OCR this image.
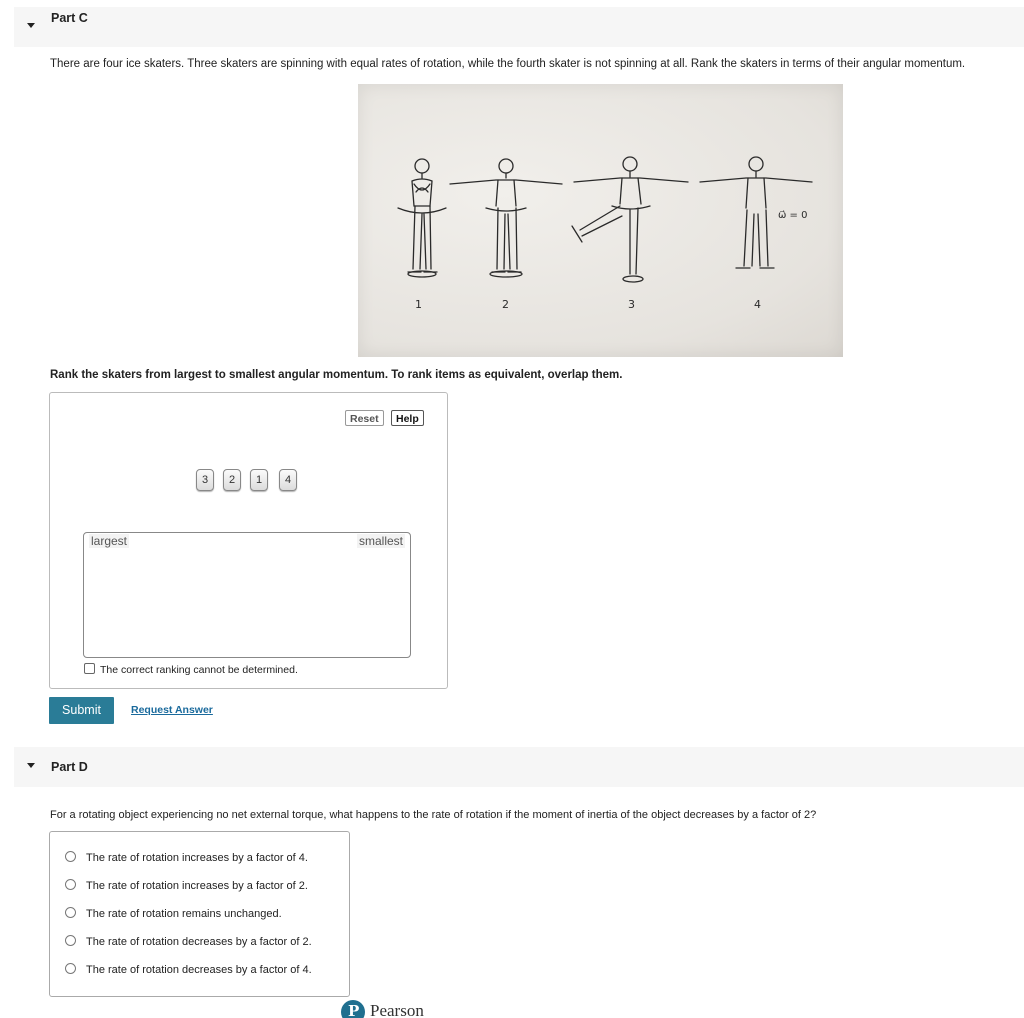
Part C
There are four ice skaters. Three skaters are spinning with equal rates of rotation, while the fourth skater is not spinning at all. Rank the skaters in terms of their angular momentum.
ω⃗ = 0
1	2	3	4
Rank the skaters from largest to smallest angular momentum. To rank items as equivalent, overlap them.
Reset	Help
3	2	1	4
largest	smallest
The correct ranking cannot be determined.
Submit	Request Answer
Part D
For a rotating object experiencing no net external torque, what happens to the rate of rotation if the moment of inertia of the object decreases by a factor of 2?
The rate of rotation increases by a factor of 4.
The rate of rotation increases by a factor of 2.
The rate of rotation remains unchanged.
The rate of rotation decreases by a factor of 2.
The rate of rotation decreases by a factor of 4.
P Pearson
